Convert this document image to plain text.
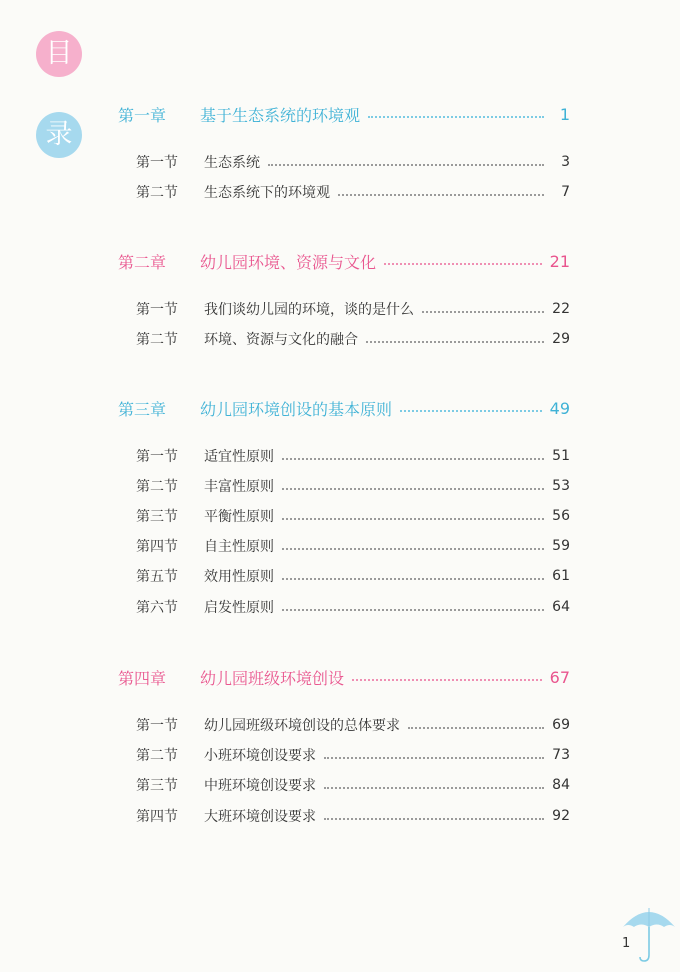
目
录
第一章	基于生态系统的环境观	1
第一节	生态系统	3
第二节	生态系统下的环境观	7
第二章	幼儿园环境、资源与文化	21
第一节	我们谈幼儿园的环境，谈的是什么	22
第二节	环境、资源与文化的融合	29
第三章	幼儿园环境创设的基本原则	49
第一节	适宜性原则	51
第二节	丰富性原则	53
第三节	平衡性原则	56
第四节	自主性原则	59
第五节	效用性原则	61
第六节	启发性原则	64
第四章	幼儿园班级环境创设	67
第一节	幼儿园班级环境创设的总体要求	69
第二节	小班环境创设要求	73
第三节	中班环境创设要求	84
第四节	大班环境创设要求	92
1
